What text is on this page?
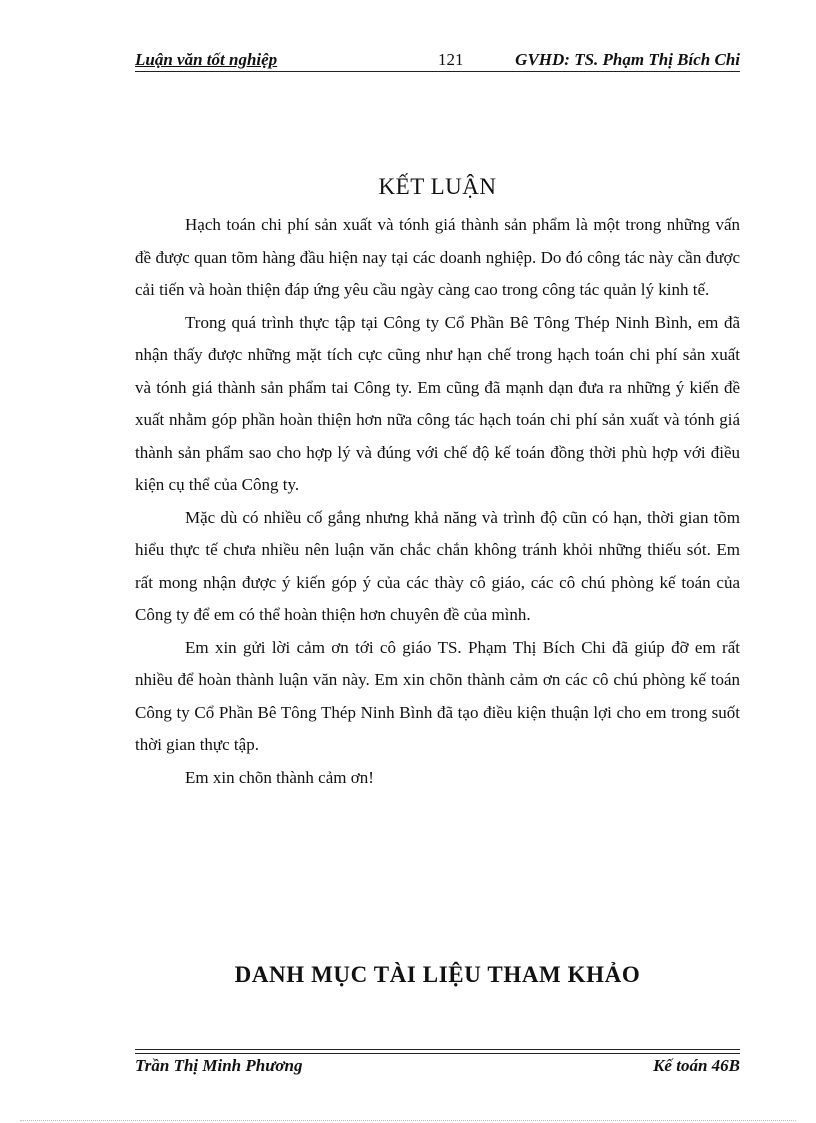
Luận văn tốt nghiệp	121	GVHD: TS. Phạm Thị Bích Chi
KẾT LUẬN

Hạch toán chi phí sản xuất và tónh giá thành sản phẩm là một trong những vấn đề được quan tõm hàng đầu hiện nay tại các doanh nghiệp. Do đó công tác này cần được cải tiến và hoàn thiện đáp ứng yêu cầu ngày càng cao trong công tác quản lý kinh tế.

Trong quá trình thực tập tại Công ty Cổ Phần Bê Tông Thép Ninh Bình, em đã nhận thấy được những mặt tích cực cũng như hạn chế trong hạch toán chi phí sản xuất và tónh giá thành sản phẩm tai Công ty. Em cũng đã mạnh dạn đưa ra những ý kiến đề xuất nhằm góp phần hoàn thiện hơn nữa công tác hạch toán chi phí sản xuất và tónh giá thành sản phẩm sao cho hợp lý và đúng với chế độ kế toán đồng thời phù hợp với điều kiện cụ thể của Công ty.

Mặc dù có nhiều cố gắng nhưng khả năng và trình độ cũn có hạn, thời gian tõm hiểu thực tế chưa nhiều nên luận văn chắc chắn không tránh khỏi những thiếu sót. Em rất mong nhận được ý kiến góp ý của các thày cô giáo, các cô chú phòng kế toán của Công ty để em có thể hoàn thiện hơn chuyên đề của mình.

Em xin gửi lời cảm ơn tới cô giáo TS. Phạm Thị Bích Chi đã giúp đỡ em rất nhiều để hoàn thành luận văn này. Em xin chõn thành cảm ơn các cô chú phòng kế toán Công ty Cổ Phần Bê Tông Thép Ninh Bình đã tạo điều kiện thuận lợi cho em trong suốt thời gian thực tập.

Em xin chõn thành cảm ơn!

DANH MỤC TÀI LIỆU THAM KHẢO
Trần Thị Minh Phương	Kế toán 46B
